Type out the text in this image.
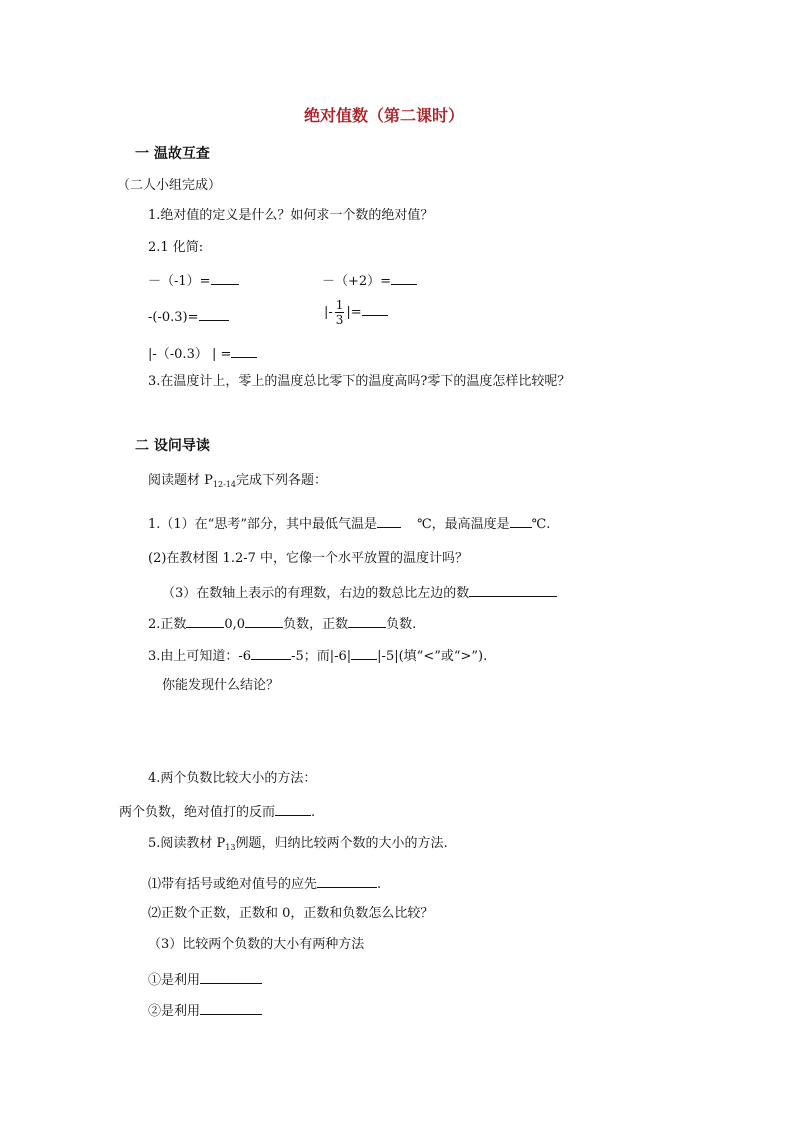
绝对值数（第二课时）
一 温故互查
（二人小组完成）
1.绝对值的定义是什么？如何求一个数的绝对值？
2.1 化简:
－（-1）=	－（+2）=
-(-0.3)=	|- $\frac{1}{3}$ |=
|-（-0.3） | =
3.在温度计上，零上的温度总比零下的温度高吗?零下的温度怎样比较呢？
二 设问导读
阅读题材 $P_{12-14}$完成下列各题：
1.（1）在“思考”部分，其中最低气温是	℃，最高温度是 ℃.
(2)在教材图 1.2-7 中，它像一个水平放置的温度计吗？
（3）在数轴上表示的有理数，右边的数总比左边的数
2.正数	0,0	负数，正数	负数.
3.由上可知道：-6	-5；而|-6| |-5|(填“<”或“>”).
你能发现什么结论？
4.两个负数比较大小的方法：
两个负数，绝对值打的反而	.
5.阅读教材 $P_{13}$例题，归纳比较两个数的大小的方法.
⑴带有括号或绝对值号的应先	.
⑵正数个正数，正数和 0，正数和负数怎么比较？
（3）比较两个负数的大小有两种方法
①是利用
②是利用
